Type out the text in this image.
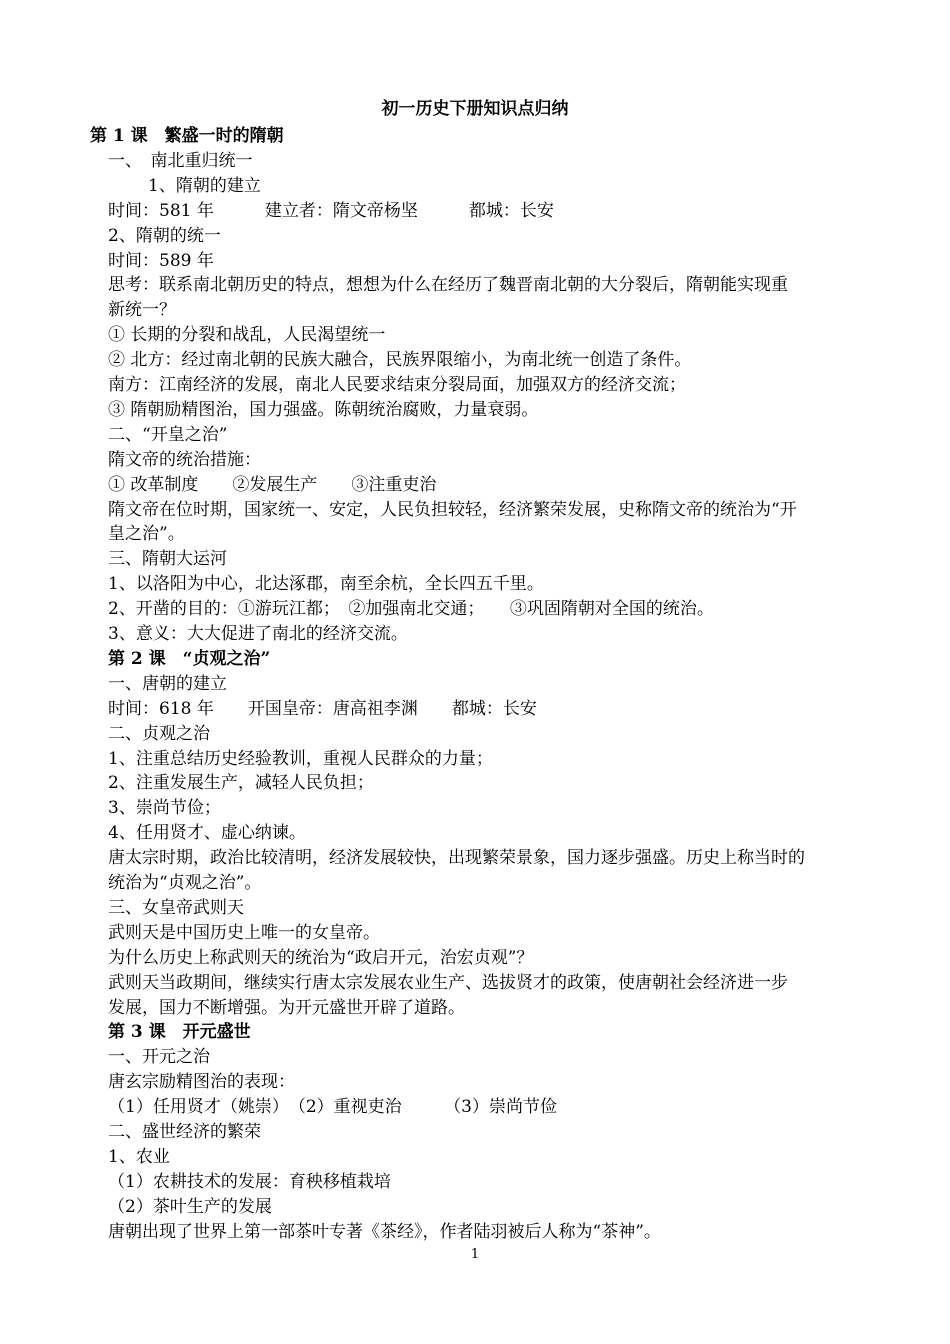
初一历史下册知识点归纳
第 1 课　繁盛一时的隋朝
一、　南北重归统一
1、隋朝的建立
时间：581 年　　　建立者：隋文帝杨坚　　　都城：长安
2、隋朝的统一
时间：589 年
思考：联系南北朝历史的特点，想想为什么在经历了魏晋南北朝的大分裂后，隋朝能实现重
新统一？
① 长期的分裂和战乱，人民渴望统一
② 北方：经过南北朝的民族大融合，民族界限缩小，为南北统一创造了条件。
南方：江南经济的发展，南北人民要求结束分裂局面，加强双方的经济交流；
③ 隋朝励精图治，国力强盛。陈朝统治腐败，力量衰弱。
二、“开皇之治”
隋文帝的统治措施：
① 改革制度　　②发展生产　　③注重吏治
隋文帝在位时期，国家统一、安定，人民负担较轻，经济繁荣发展，史称隋文帝的统治为“开
皇之治”。
三、隋朝大运河
1、以洛阳为中心，北达涿郡，南至余杭，全长四五千里。
2、开凿的目的：①游玩江都；　②加强南北交通；　　③巩固隋朝对全国的统治。
3、意义：大大促进了南北的经济交流。
第 2 课　“贞观之治”
一、唐朝的建立
时间：618 年　　开国皇帝：唐高祖李渊　　都城：长安
二、贞观之治
1、注重总结历史经验教训，重视人民群众的力量；
2、注重发展生产，减轻人民负担；
3、崇尚节俭；
4、任用贤才、虚心纳谏。
唐太宗时期，政治比较清明，经济发展较快，出现繁荣景象，国力逐步强盛。历史上称当时的
统治为“贞观之治”。
三、女皇帝武则天
武则天是中国历史上唯一的女皇帝。
为什么历史上称武则天的统治为“政启开元，治宏贞观”？
武则天当政期间，继续实行唐太宗发展农业生产、选拔贤才的政策，使唐朝社会经济进一步
发展，国力不断增强。为开元盛世开辟了道路。
第 3 课　开元盛世
一、开元之治
唐玄宗励精图治的表现：
（1）任用贤才（姚崇）　（2）重视吏治　　　（3）崇尚节俭
二、盛世经济的繁荣
1、农业
（1）农耕技术的发展：育秧移植栽培
（2）茶叶生产的发展
唐朝出现了世界上第一部茶叶专著《茶经》，作者陆羽被后人称为“茶神”。
1
